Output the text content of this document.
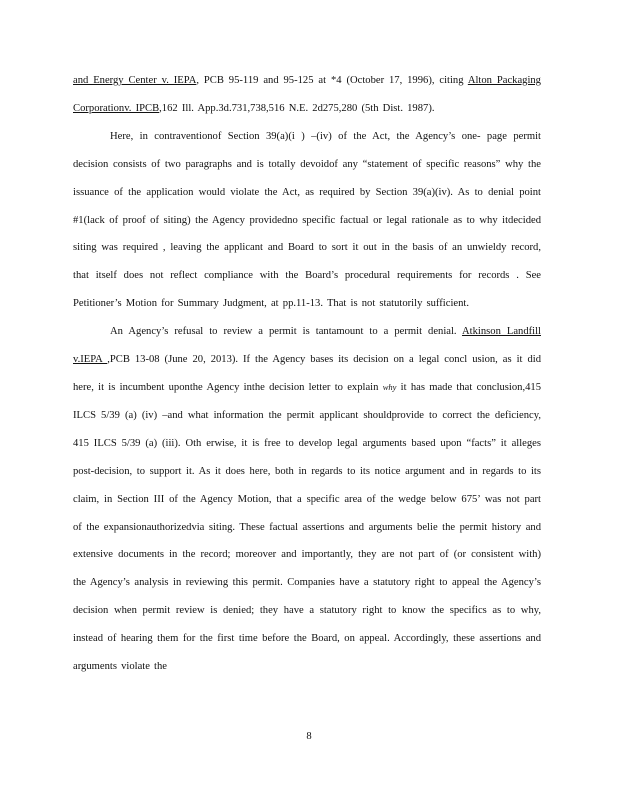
and Energy Center v. IEPA, PCB 95-119 and 95-125 at *4 (October 17, 1996), citing Alton Packaging Corporationv. IPCB,162 Ill. App.3d.731,738,516 N.E. 2d275,280 (5th Dist. 1987).

Here, in contraventionof Section 39(a)(i ) –(iv) of the Act, the Agency’s one- page permit decision consists of two paragraphs and is totally devoidof any “statement of specific reasons” why the issuance of the application would violate the Act, as required by Section 39(a)(iv). As to denial point #1(lack of proof of siting) the Agency providedno specific factual or legal rationale as to why itdecided siting was required , leaving the applicant and Board to sort it out in the basis of an unwieldy record, that itself does not reflect compliance with the Board’s procedural requirements for records . See Petitioner’s Motion for Summary Judgment, at pp.11-13. That is not statutorily sufficient.

An Agency’s refusal to review a permit is tantamount to a permit denial. Atkinson Landfill v.IEPA ,PCB 13-08 (June 20, 2013). If the Agency bases its decision on a legal concl usion, as it did here, it is incumbent uponthe Agency inthe decision letter to explain why it has made that conclusion,415 ILCS 5/39 (a) (iv) –and what information the permit applicant shouldprovide to correct the deficiency, 415 ILCS 5/39 (a) (iii). Oth erwise, it is free to develop legal arguments based upon “facts” it alleges post-decision, to support it. As it does here, both in regards to its notice argument and in regards to its claim, in Section III of the Agency Motion, that a specific area of the wedge below 675’ was not part of the expansionauthorizedvia siting. These factual assertions and arguments belie the permit history and extensive documents in the record; moreover and importantly, they are not part of (or consistent with) the Agency’s analysis in reviewing this permit. Companies have a statutory right to appeal the Agency’s decision when permit review is denied; they have a statutory right to know the specifics as to why, instead of hearing them for the first time before the Board, on appeal. Accordingly, these assertions and arguments violate the

8
